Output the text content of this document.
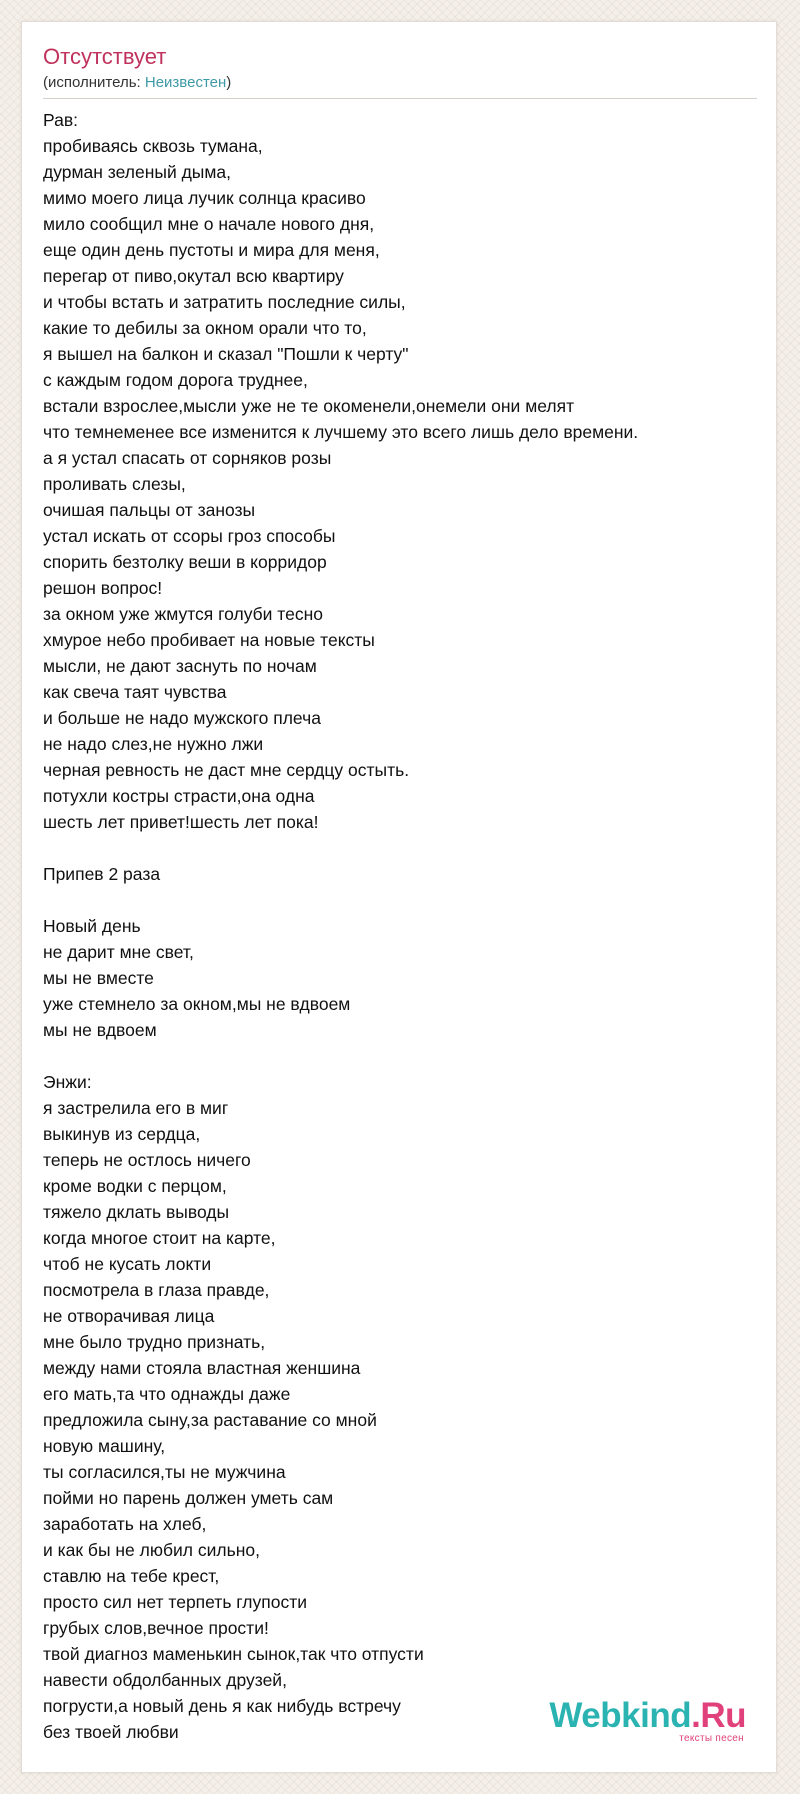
Отсутствует
(исполнитель: Неизвестен)
Рав:
пробиваясь сквозь тумана,
дурман зеленый дыма,
мимо моего лица лучик солнца красиво
мило сообщил мне о начале нового дня,
еще один день пустоты и мира для меня,
перегар от пиво,окутал всю квартиру
и чтобы встать и затратить последние силы,
какие то дебилы за окном орали что то,
я вышел на балкон и сказал "Пошли к черту"
с каждым годом дорога труднее,
встали взрослее,мысли уже не те окоменели,онемели они мелят
что темнеменее все изменится к лучшему это всего лишь дело времени.
а я устал спасать от сорняков розы
проливать слезы,
очишая пальцы от занозы
устал искать от ссоры гроз способы
спорить безтолку веши в корридор
решон вопрос!
за окном уже жмутся голуби тесно
хмурое небо пробивает на новые тексты
мысли, не дают заснуть по ночам
как свеча таят чувства
и больше не надо мужского плеча
не надо слез,не нужно лжи
черная ревность не даст мне сердцу остыть.
потухли костры страсти,она одна
шесть лет привет!шесть лет пока!

Припев 2 раза

Новый день
не дарит мне свет,
мы не вместе
уже стемнело за окном,мы не вдвоем
мы не вдвоем

Энжи:
я застрелила его в миг
выкинув из сердца,
теперь не остлось ничего
кроме водки с перцом,
тяжело дклать выводы
когда многое стоит на карте,
чтоб не кусать локти
посмотрела в глаза правде,
не отворачивая лица
мне было трудно признать,
между нами стояла властная женшина
его мать,та что однажды даже
предложила сыну,за раставание со мной
новую машину,
ты согласился,ты не мужчина
пойми но парень должен уметь сам
заработать на хлеб,
и как бы не любил сильно,
ставлю на тебе крест,
просто сил нет терпеть глупости
грубых слов,вечное прости!
твой диагноз маменькин сынок,так что отпусти
навести обдолбанных друзей,
погрусти,а новый день я как нибудь встречу
без твоей любви	Webkind.Ru
тексты песен
